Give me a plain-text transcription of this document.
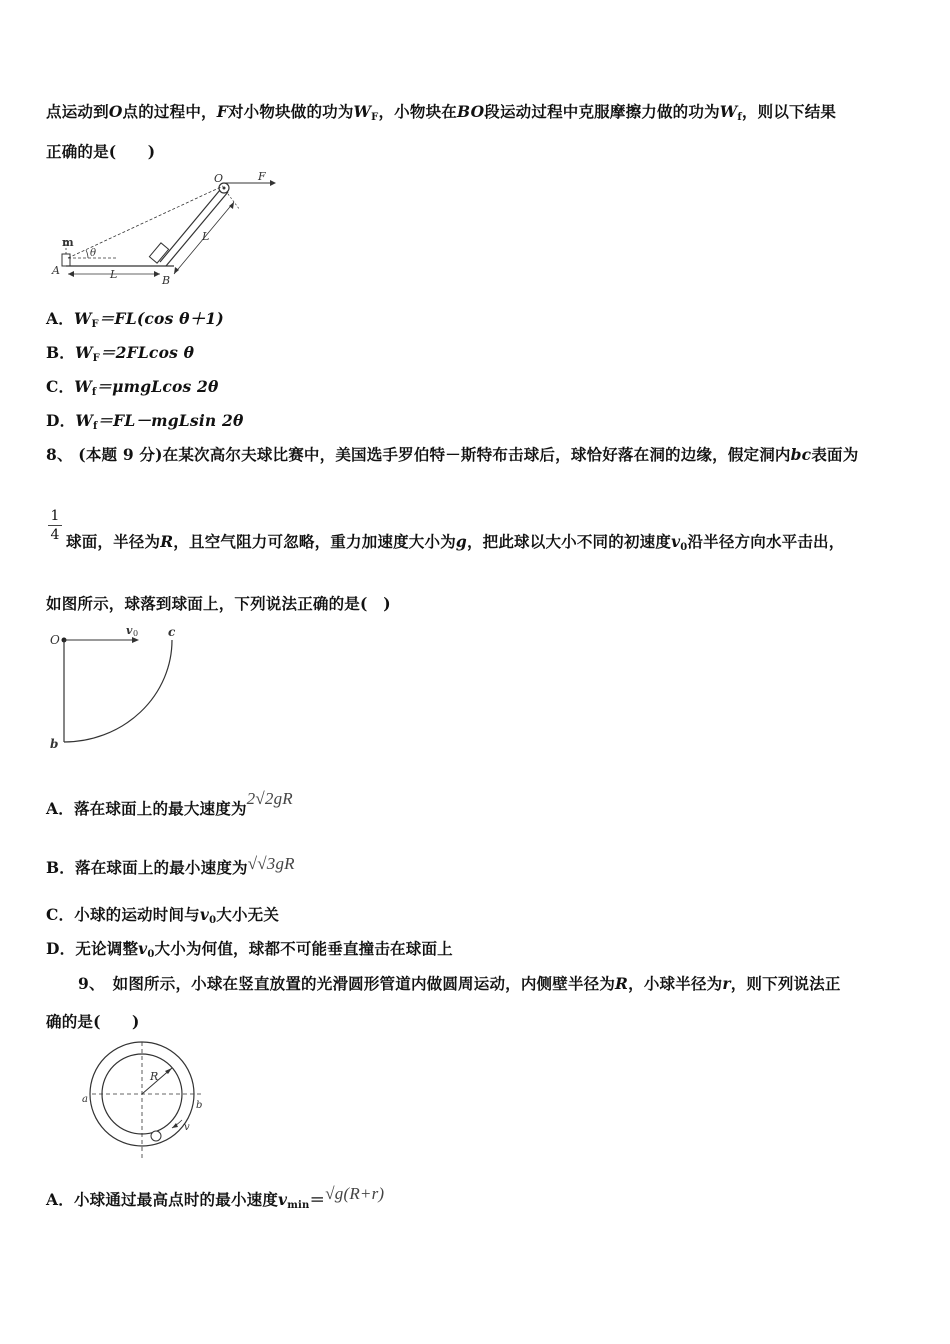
点运动到O点的过程中，F对小物块做的功为$W_F$，小物块在BO段运动过程中克服摩擦力做的功为$W_f$，则以下结果
正确的是(　　)
O	F
m
A
B
L
L
θ
A．$W_F=FL(\cos$ θ＋1)
B．$W_F=2FLcos$ θ
C．$W_f=\mu mgLcos$ 2θ
D．$W_f=FL-mgLsin$ 2θ
8、 (本题 9 分)在某次高尔夫球比赛中，美国选手罗伯特－斯特布击球后，球恰好落在洞的边缘，假定洞内bc表面为
1
4 球面，半径为R，且空气阻力可忽略，重力加速度大小为g，把此球以大小不同的初速度$v_0$沿半径方向水平击出，
如图所示，球落到球面上，下列说法正确的是(　)
O
v 0 c
b
A．落在球面上的最大速度为2√2gR
B．落在球面上的最小速度为√√3gR
C．小球的运动时间与$v_0$大小无关
D．无论调整$v_0$大小为何值，球都不可能垂直撞击在球面上
9、　如图所示，小球在竖直放置的光滑圆形管道内做圆周运动，内侧壁半径为R，小球半径为r，则下列说法正
确的是(　　)
R
a
b
v
A．小球通过最高点时的最小速度$v_{min}=√g(R+r)$
